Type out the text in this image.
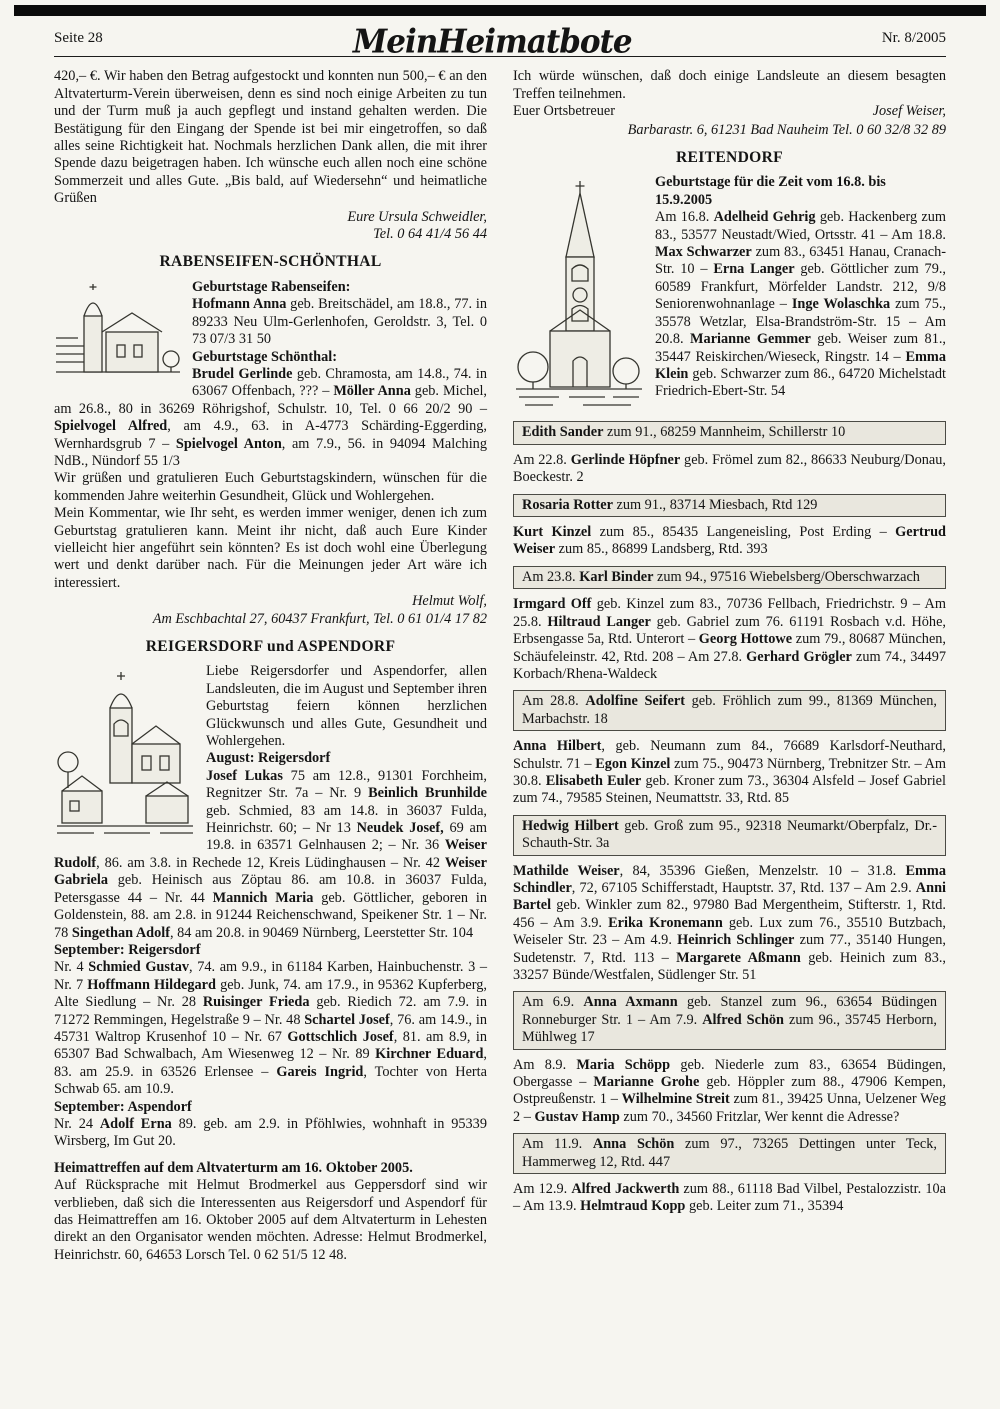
Seite 28	MeinHeimatbote	Nr. 8/2005

420,– €. Wir haben den Betrag aufgestockt und konnten nun 500,– € an den Altvaterturm-Verein überweisen, denn es sind noch einige Arbeiten zu tun und der Turm muß ja auch gepflegt und instand gehalten werden. Die Bestätigung für den Eingang der Spende ist bei mir eingetroffen, so daß alles seine Richtigkeit hat. Nochmals herzlichen Dank allen, die mit ihrer Spende dazu beigetragen haben. Ich wünsche euch allen noch eine schöne Sommerzeit und alles Gute. „Bis bald, auf Wiedersehn“ und heimatliche Grüßen

Eure Ursula Schweidler,
Tel. 0 64 41/4 56 44

RABENSEIFEN-SCHÖNTHAL

Geburtstage Rabenseifen:

Hofmann Anna geb. Breitschädel, am 18.8., 77. in 89233 Neu Ulm-Gerlenhofen, Geroldstr. 3, Tel. 0 73 07/3 31 50

Geburtstage Schönthal:

Brudel Gerlinde geb. Chramosta, am 14.8., 74. in 63067 Offenbach, ??? – Möller Anna geb. Michel, am 26.8., 80 in 36269 Röhrigshof, Schulstr. 10, Tel. 0 66 20/2 90 – Spielvogel Alfred, am 4.9., 63. in A-4773 Schärding-Eggerding, Wernhardsgrub 7 – Spielvogel Anton, am 7.9., 56. in 94094 Malching NdB., Nündorf 55 1/3

Wir grüßen und gratulieren Euch Geburtstagskindern, wünschen für die kommenden Jahre weiterhin Gesundheit, Glück und Wohlergehen.

Mein Kommentar, wie Ihr seht, es werden immer weniger, denen ich zum Geburtstag gratulieren kann. Meint ihr nicht, daß auch Eure Kinder vielleicht hier angeführt sein könnten? Es ist doch wohl eine Überlegung wert und denkt darüber nach. Für die Meinungen jeder Art wäre ich interessiert.

Helmut Wolf,
Am Eschbachtal 27, 60437 Frankfurt, Tel. 0 61 01/4 17 82

REIGERSDORF und ASPENDORF

Liebe Reigersdorfer und Aspendorfer, allen Landsleuten, die im August und September ihren Geburtstag feiern können herzlichen Glückwunsch und alles Gute, Gesundheit und Wohlergehen.

August: Reigersdorf

Josef Lukas 75 am 12.8., 91301 Forchheim, Regnitzer Str. 7a – Nr. 9 Beinlich Brunhilde geb. Schmied, 83 am 14.8. in 36037 Fulda, Heinrichstr. 60; – Nr 13 Neudek Josef, 69 am 19.8. in 63571 Gelnhausen 2; – Nr. 36 Weiser Rudolf, 86. am 3.8. in Rechede 12, Kreis Lüdinghausen – Nr. 42 Weiser Gabriela geb. Heinisch aus Zöptau 86. am 10.8. in 36037 Fulda, Petersgasse 44 – Nr. 44 Mannich Maria geb. Göttlicher, geboren in Goldenstein, 88. am 2.8. in 91244 Reichenschwand, Speikener Str. 1 – Nr. 78 Singethan Adolf, 84 am 20.8. in 90469 Nürnberg, Leerstetter Str. 104

September: Reigersdorf

Nr. 4 Schmied Gustav, 74. am 9.9., in 61184 Karben, Hainbuchenstr. 3 – Nr. 7 Hoffmann Hildegard geb. Junk, 74. am 17.9., in 95362 Kupferberg, Alte Siedlung – Nr. 28 Ruisinger Frieda geb. Riedich 72. am 7.9. in 71272 Remmingen, Hegelstraße 9 – Nr. 48 Schartel Josef, 76. am 14.9., in 45731 Waltrop Krusenhof 10 – Nr. 67 Gottschlich Josef, 81. am 8.9, in 65307 Bad Schwalbach, Am Wiesenweg 12 – Nr. 89 Kirchner Eduard, 83. am 25.9. in 63526 Erlensee – Gareis Ingrid, Tochter von Herta Schwab 65. am 10.9.

September: Aspendorf

Nr. 24 Adolf Erna 89. geb. am 2.9. in Pföhlwies, wohnhaft in 95339 Wirsberg, Im Gut 20.

Heimattreffen auf dem Altvaterturm am 16. Oktober 2005.

Auf Rücksprache mit Helmut Brodmerkel aus Geppersdorf sind wir verblieben, daß sich die Interessenten aus Reigersdorf und Aspendorf für das Heimattreffen am 16. Oktober 2005 auf dem Altvaterturm in Lehesten direkt an den Organisator wenden möchten. Adresse: Helmut Brodmerkel, Heinrichstr. 60, 64653 Lorsch Tel. 0 62 51/5 12 48.

Ich würde wünschen, daß doch einige Landsleute an diesem besagten Treffen teilnehmen.

Euer Ortsbetreuer	Josef Weiser,

Barbarastr. 6, 61231 Bad Nauheim Tel. 0 60 32/8 32 89

REITENDORF

Geburtstage für die Zeit vom 16.8. bis 15.9.2005

Am 16.8. Adelheid Gehrig geb. Hackenberg zum 83., 53577 Neustadt/Wied, Ortsstr. 41 – Am 18.8. Max Schwarzer zum 83., 63451 Hanau, Cranach-Str. 10 – Erna Langer geb. Göttlicher zum 79., 60589 Frankfurt, Mörfelder Landstr. 212, 9/8 Seniorenwohnanlage – Inge Wolaschka zum 75., 35578 Wetzlar, Elsa-Brandström-Str. 15 – Am 20.8. Marianne Gemmer geb. Weiser zum 81., 35447 Reiskirchen/Wieseck, Ringstr. 14 – Emma Klein geb. Schwarzer zum 86., 64720 Michelstadt Friedrich-Ebert-Str. 54

Edith Sander zum 91., 68259 Mannheim, Schillerstr 10
Am 22.8. Gerlinde Höpfner geb. Frömel zum 82., 86633 Neuburg/Donau, Boeckestr. 2
Rosaria Rotter zum 91., 83714 Miesbach, Rtd 129
Kurt Kinzel zum 85., 85435 Langeneisling, Post Erding – Gertrud Weiser zum 85., 86899 Landsberg, Rtd. 393
Am 23.8. Karl Binder zum 94., 97516 Wiebelsberg/Oberschwarzach
Irmgard Off geb. Kinzel zum 83., 70736 Fellbach, Friedrichstr. 9 – Am 25.8. Hiltraud Langer geb. Gabriel zum 76. 61191 Rosbach v.d. Höhe, Erbsengasse 5a, Rtd. Unterort – Georg Hottowe zum 79., 80687 München, Schäufeleinstr. 42, Rtd. 208 – Am 27.8. Gerhard Grögler zum 74., 34497 Korbach/Rhena-Waldeck
Am 28.8. Adolfine Seifert geb. Fröhlich zum 99., 81369 München, Marbachstr. 18
Anna Hilbert, geb. Neumann zum 84., 76689 Karlsdorf-Neuthard, Schulstr. 71 – Egon Kinzel zum 75., 90473 Nürnberg, Trebnitzer Str. – Am 30.8. Elisabeth Euler geb. Kroner zum 73., 36304 Alsfeld – Josef Gabriel zum 74., 79585 Steinen, Neumattstr. 33, Rtd. 85
Hedwig Hilbert geb. Groß zum 95., 92318 Neumarkt/Oberpfalz, Dr.-Schauth-Str. 3a
Mathilde Weiser, 84, 35396 Gießen, Menzelstr. 10 – 31.8. Emma Schindler, 72, 67105 Schifferstadt, Hauptstr. 37, Rtd. 137 – Am 2.9. Anni Bartel geb. Winkler zum 82., 97980 Bad Mergentheim, Stifterstr. 1, Rtd. 456 – Am 3.9. Erika Kronemann geb. Lux zum 76., 35510 Butzbach, Weiseler Str. 23 – Am 4.9. Heinrich Schlinger zum 77., 35140 Hungen, Sudetenstr. 7, Rtd. 113 – Margarete Aßmann geb. Heinich zum 83., 33257 Bünde/Westfalen, Südlenger Str. 51
Am 6.9. Anna Axmann geb. Stanzel zum 96., 63654 Büdingen Ronneburger Str. 1 – Am 7.9. Alfred Schön zum 96., 35745 Herborn, Mühlweg 17
Am 8.9. Maria Schöpp geb. Niederle zum 83., 63654 Büdingen, Obergasse – Marianne Grohe geb. Höppler zum 88., 47906 Kempen, Ostpreußenstr. 1 – Wilhelmine Streit zum 81., 39425 Unna, Uelzener Weg 2 – Gustav Hamp zum 70., 34560 Fritzlar, Wer kennt die Adresse?
Am 11.9. Anna Schön zum 97., 73265 Dettingen unter Teck, Hammerweg 12, Rtd. 447
Am 12.9. Alfred Jackwerth zum 88., 61118 Bad Vilbel, Pestalozzistr. 10a – Am 13.9. Helmtraud Kopp geb. Leiter zum 71., 35394
